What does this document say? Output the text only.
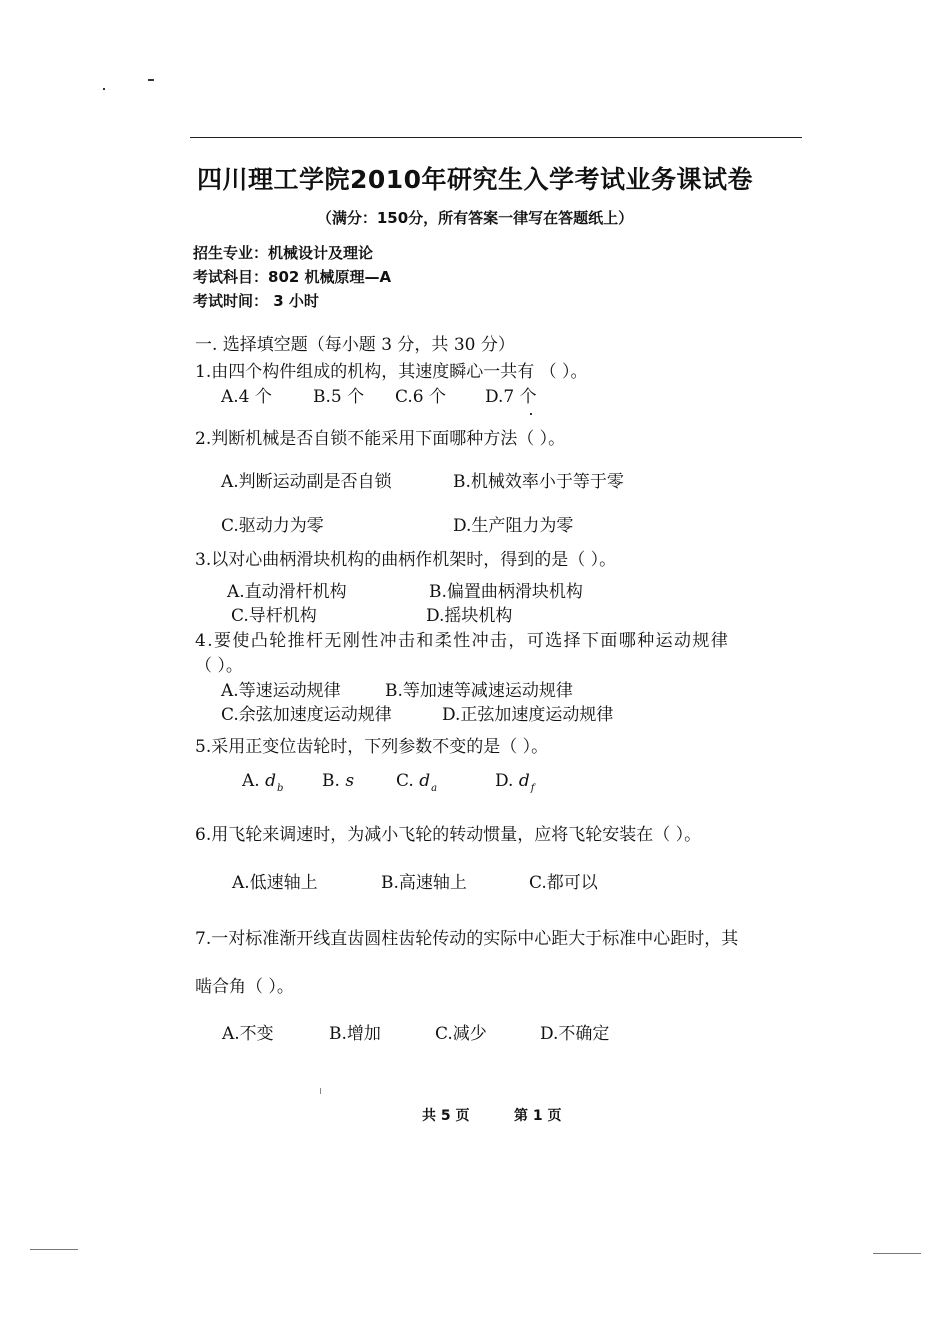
四川理工学院2010年研究生入学考试业务课试卷
（满分：150分，所有答案一律写在答题纸上）
招生专业：机械设计及理论
考试科目：802 机械原理—A
考试时间： 3 小时
一. 选择填空题（每小题 3 分，共 30 分）
1.由四个构件组成的机构，其速度瞬心一共有 （ ）。
A.4 个 B.5 个 C.6 个 D.7 个
2.判断机械是否自锁不能采用下面哪种方法（ ）。
A.判断运动副是否自锁	B.机械效率小于等于零
C.驱动力为零	D.生产阻力为零
3.以对心曲柄滑块机构的曲柄作机架时，得到的是（ ）。
A.直动滑杆机构	B.偏置曲柄滑块机构
C.导杆机构	D.摇块机构
4.要使凸轮推杆无刚性冲击和柔性冲击，可选择下面哪种运动规律
（ ）。
A.等速运动规律	B.等加速等减速运动规律
C.余弦加速度运动规律	D.正弦加速度运动规律
5.采用正变位齿轮时，下列参数不变的是（ ）。
A. $d_b$ B. s C. $d_a$	D. $d_f$
6.用飞轮来调速时，为减小飞轮的转动惯量，应将飞轮安装在（ ）。
A.低速轴上	B.高速轴上	C.都可以
7.一对标准渐开线直齿圆柱齿轮传动的实际中心距大于标准中心距时，其
啮合角（ ）。
A.不变	B.增加	C.减少	D.不确定
共 5 页	第 1 页
